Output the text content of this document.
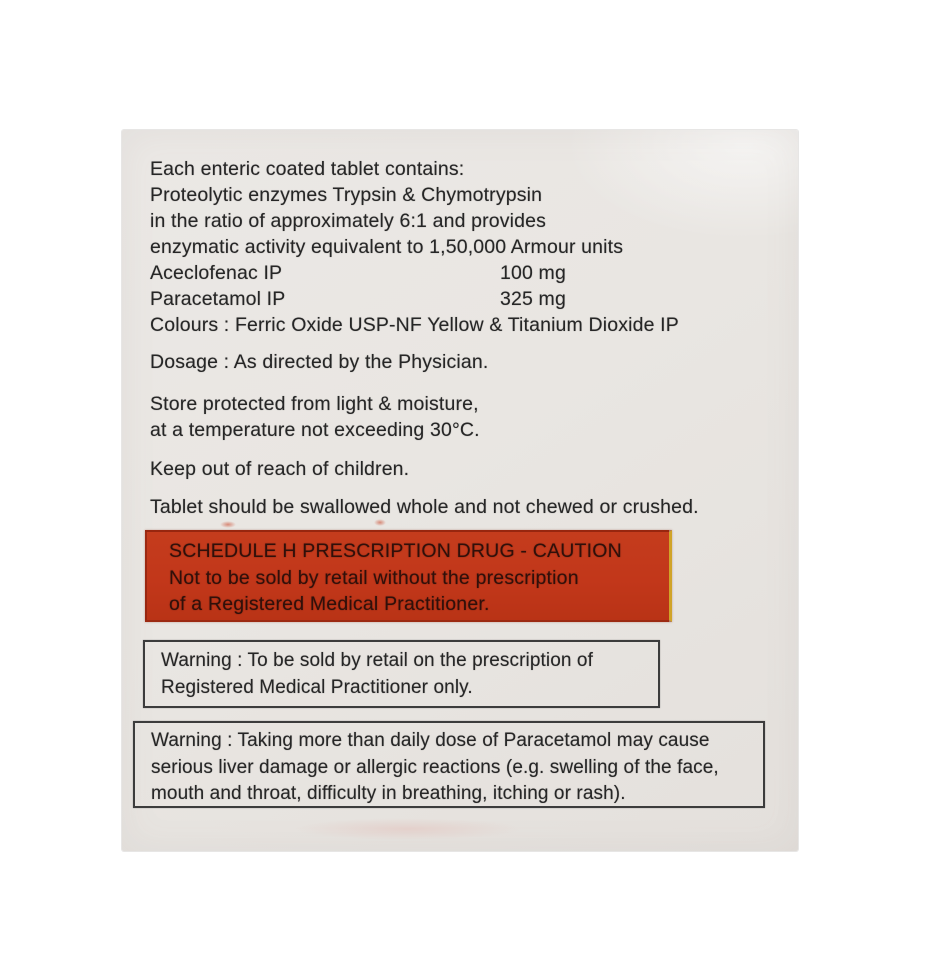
Each enteric coated tablet contains:
Proteolytic enzymes Trypsin & Chymotrypsin
in the ratio of approximately 6:1 and provides
enzymatic activity equivalent to 1,50,000 Armour units
Aceclofenac IP	100 mg
Paracetamol IP	325 mg
Colours : Ferric Oxide USP-NF Yellow & Titanium Dioxide IP
Dosage : As directed by the Physician.
Store protected from light & moisture,
at a temperature not exceeding 30°C.
Keep out of reach of children.
Tablet should be swallowed whole and not chewed or crushed.
SCHEDULE H PRESCRIPTION DRUG - CAUTION
Not to be sold by retail without the prescription
of a Registered Medical Practitioner.
Warning : To be sold by retail on the prescription of
Registered Medical Practitioner only.
Warning : Taking more than daily dose of Paracetamol may cause
serious liver damage or allergic reactions (e.g. swelling of the face,
mouth and throat, difficulty in breathing, itching or rash).
